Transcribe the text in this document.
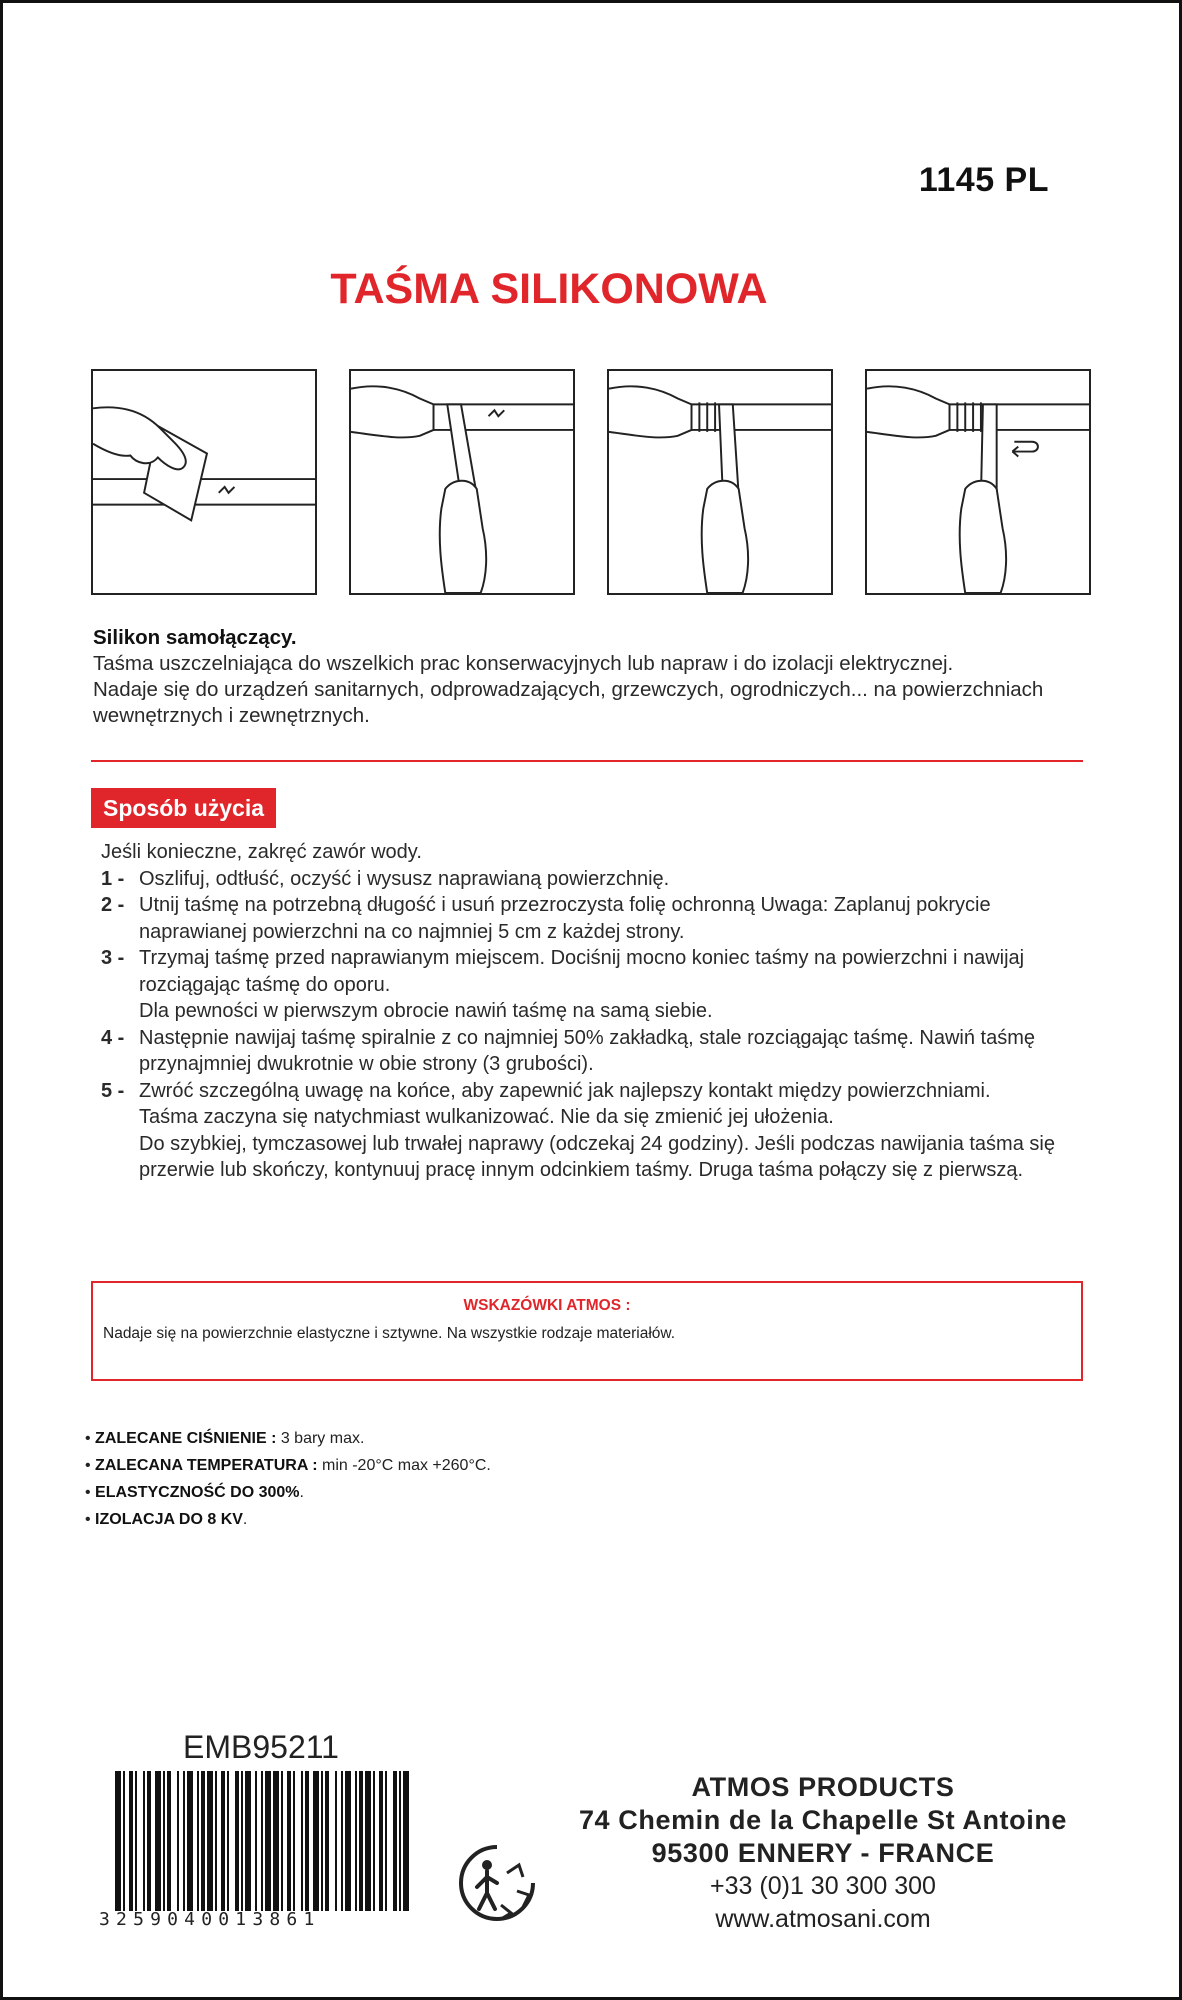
1145 PL
TAŚMA SILIKONOWA
Silikon samołączący.
Taśma uszczelniająca do wszelkich prac konserwacyjnych lub napraw i do izolacji elektrycznej.
Nadaje się do urządzeń sanitarnych, odprowadzających, grzewczych, ogrodniczych... na powierzchniach
wewnętrznych i zewnętrznych.
Sposób użycia
Jeśli konieczne, zakręć zawór wody.
1 - Oszlifuj, odtłuść, oczyść i wysusz naprawianą powierzchnię.
2 - Utnij taśmę na potrzebną długość i usuń przezroczysta folię ochronną Uwaga: Zaplanuj pokrycie
naprawianej powierzchni na co najmniej 5 cm z każdej strony.
3 - Trzymaj taśmę przed naprawianym miejscem. Dociśnij mocno koniec taśmy na powierzchni i nawijaj
rozciągając taśmę do oporu.
Dla pewności w pierwszym obrocie nawiń taśmę na samą siebie.
4 - Następnie nawijaj taśmę spiralnie z co najmniej 50% zakładką, stale rozciągając taśmę. Nawiń taśmę
przynajmniej dwukrotnie w obie strony (3 grubości).
5 - Zwróć szczególną uwagę na końce, aby zapewnić jak najlepszy kontakt między powierzchniami.
Taśma zaczyna się natychmiast wulkanizować. Nie da się zmienić jej ułożenia.
Do szybkiej, tymczasowej lub trwałej naprawy (odczekaj 24 godziny). Jeśli podczas nawijania taśma się
przerwie lub skończy, kontynuuj pracę innym odcinkiem taśmy. Druga taśma połączy się z pierwszą.
WSKAZÓWKI ATMOS :
Nadaje się na powierzchnie elastyczne i sztywne. Na wszystkie rodzaje materiałów.
• ZALECANE CIŚNIENIE : 3 bary max.
• ZALECANA TEMPERATURA : min -20°C max +260°C.
• ELASTYCZNOŚĆ DO 300%.
• IZOLACJA DO 8 KV.
EMB95211
3259040013861
ATMOS PRODUCTS
74 Chemin de la Chapelle St Antoine
95300 ENNERY - FRANCE
+33 (0)1 30 300 300
www.atmosani.com
